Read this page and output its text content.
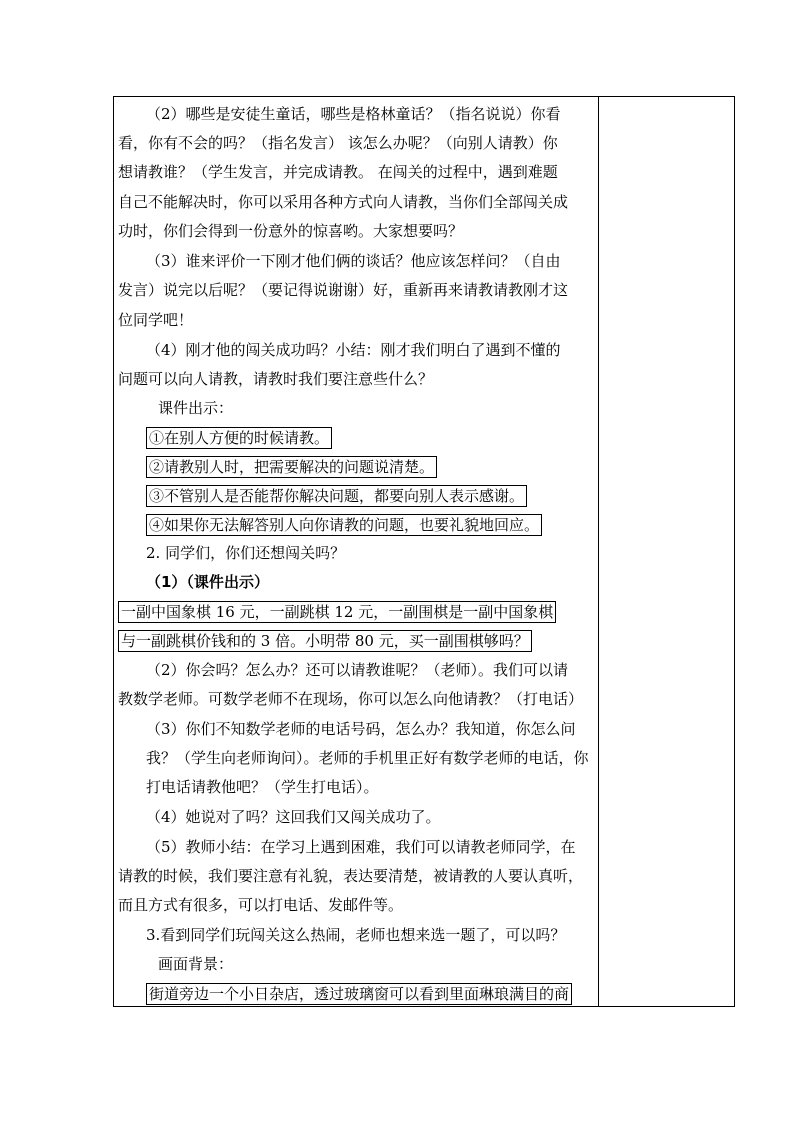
（2）哪些是安徒生童话，哪些是格林童话？（指名说说）你看
看，你有不会的吗？（指名发言） 该怎么办呢？（向别人请教）你
想请教谁？（学生发言，并完成请教。 在闯关的过程中，遇到难题
自己不能解决时，你可以采用各种方式向人请教，当你们全部闯关成
功时，你们会得到一份意外的惊喜哟。大家想要吗？
（3）谁来评价一下刚才他们俩的谈话？他应该怎样问？（自由
发言）说完以后呢？（要记得说谢谢）好，重新再来请教请教刚才这
位同学吧！
（4）刚才他的闯关成功吗？小结：刚才我们明白了遇到不懂的
问题可以向人请教，请教时我们要注意些什么？
课件出示：
①在别人方便的时候请教。
②请教别人时，把需要解决的问题说清楚。
③不管别人是否能帮你解决问题，都要向别人表示感谢。
④如果你无法解答别人向你请教的问题，也要礼貌地回应。
2. 同学们，你们还想闯关吗？
（1）（课件出示）
一副中国象棋 16 元，一副跳棋 12 元，一副围棋是一副中国象棋
与一副跳棋价钱和的 3 倍。小明带 80 元，买一副围棋够吗？
（2）你会吗？怎么办？还可以请教谁呢？（老师）。我们可以请
教数学老师。可数学老师不在现场，你可以怎么向他请教？（打电话）
（3）你们不知数学老师的电话号码，怎么办？我知道，你怎么问
我？（学生向老师询问）。老师的手机里正好有数学老师的电话，你
打电话请教他吧？（学生打电话）。
（4）她说对了吗？这回我们又闯关成功了。
（5）教师小结：在学习上遇到困难，我们可以请教老师同学，在
请教的时候，我们要注意有礼貌，表达要清楚，被请教的人要认真听，
而且方式有很多，可以打电话、发邮件等。
3.看到同学们玩闯关这么热闹，老师也想来选一题了，可以吗？
画面背景：
街道旁边一个小日杂店，透过玻璃窗可以看到里面琳琅满目的商
